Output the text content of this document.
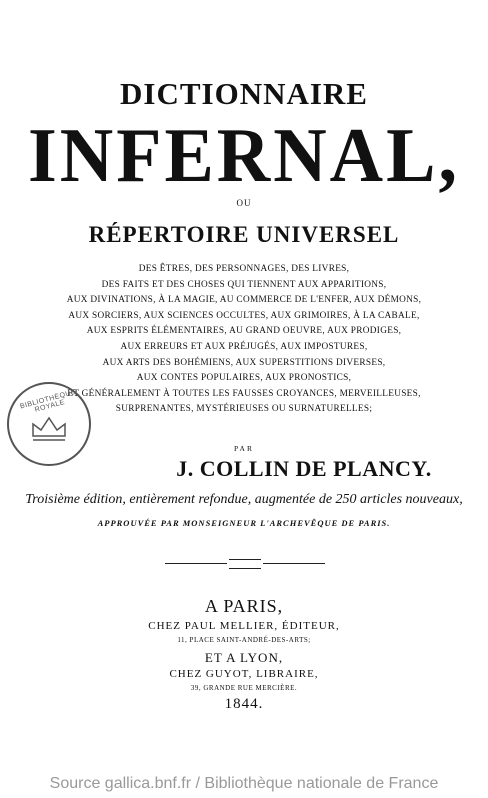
DICTIONNAIRE
INFERNAL,
OU
RÉPERTOIRE UNIVERSEL
DES ÊTRES, DES PERSONNAGES, DES LIVRES,
DES FAITS ET DES CHOSES QUI TIENNENT AUX APPARITIONS,
AUX DIVINATIONS, À LA MAGIE, AU COMMERCE DE L'ENFER, AUX DÉMONS,
AUX SORCIERS, AUX SCIENCES OCCULTES, AUX GRIMOIRES, À LA CABALE,
AUX ESPRITS ÉLÉMENTAIRES, AU GRAND OEUVRE, AUX PRODIGES,
AUX ERREURS ET AUX PRÉJUGÉS, AUX IMPOSTURES,
AUX ARTS DES BOHÉMIENS, AUX SUPERSTITIONS DIVERSES,
AUX CONTES POPULAIRES, AUX PRONOSTICS,
ET GÉNÉRALEMENT À TOUTES LES FAUSSES CROYANCES, MERVEILLEUSES,
SURPRENANTES, MYSTÉRIEUSES OU SURNATURELLES;
BIBLIOTHÈQUE ROYALE
PAR
J. COLLIN DE PLANCY.
Troisième édition, entièrement refondue, augmentée de 250 articles nouveaux,
APPROUVÉE PAR MONSEIGNEUR L'ARCHEVÊQUE DE PARIS.
A PARIS,
CHEZ PAUL MELLIER, ÉDITEUR,
11, PLACE SAINT-ANDRÉ-DES-ARTS;
ET A LYON,
CHEZ GUYOT, LIBRAIRE,
39, GRANDE RUE MERCIÈRE.
1844.
Source gallica.bnf.fr / Bibliothèque nationale de France
